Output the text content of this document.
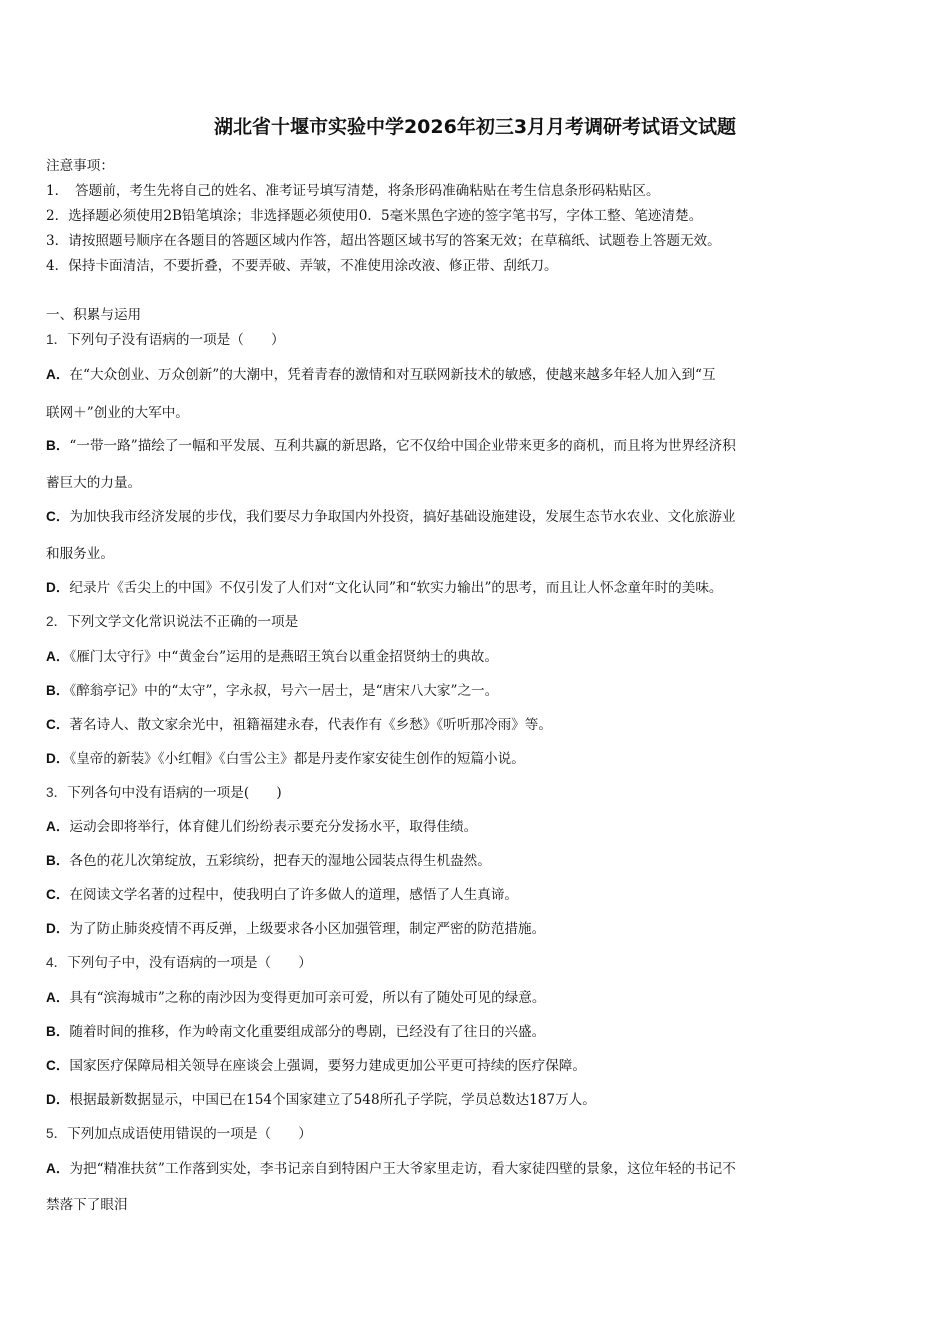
湖北省十堰市实验中学2026年初三3月月考调研考试语文试题
注意事项：
1．　答题前，考生先将自己的姓名、准考证号填写清楚，将条形码准确粘贴在考生信息条形码粘贴区。
2．选择题必须使用2B铅笔填涂；非选择题必须使用0．5毫米黑色字迹的签字笔书写，字体工整、笔迹清楚。
3．请按照题号顺序在各题目的答题区域内作答，超出答题区域书写的答案无效；在草稿纸、试题卷上答题无效。
4．保持卡面清洁，不要折叠，不要弄破、弄皱，不准使用涂改液、修正带、刮纸刀。
一、积累与运用
1．下列句子没有语病的一项是（　　）
A．在“大众创业、万众创新”的大潮中，凭着青春的激情和对互联网新技术的敏感，使越来越多年轻人加入到“互
联网＋”创业的大军中。
B．“一带一路”描绘了一幅和平发展、互利共赢的新思路，它不仅给中国企业带来更多的商机，而且将为世界经济积
蓄巨大的力量。
C．为加快我市经济发展的步伐，我们要尽力争取国内外投资，搞好基础设施建设，发展生态节水农业、文化旅游业
和服务业。
D．纪录片《舌尖上的中国》不仅引发了人们对“文化认同”和“软实力输出”的思考，而且让人怀念童年时的美味。
2．下列文学文化常识说法不正确的一项是
A．《雁门太守行》中“黄金台”运用的是燕昭王筑台以重金招贤纳士的典故。
B．《醉翁亭记》中的“太守”，字永叔，号六一居士，是“唐宋八大家”之一。
C．著名诗人、散文家余光中，祖籍福建永春，代表作有《乡愁》《听听那冷雨》等。
D．《皇帝的新装》《小红帽》《白雪公主》都是丹麦作家安徒生创作的短篇小说。
3．下列各句中没有语病的一项是(　　)
A．运动会即将举行，体育健儿们纷纷表示要充分发扬水平，取得佳绩。
B．各色的花儿次第绽放，五彩缤纷，把春天的湿地公园装点得生机盎然。
C．在阅读文学名著的过程中，使我明白了许多做人的道理，感悟了人生真谛。
D．为了防止肺炎疫情不再反弹，上级要求各小区加强管理，制定严密的防范措施。
4．下列句子中，没有语病的一项是（　　）
A．具有“滨海城市”之称的南沙因为变得更加可亲可爱，所以有了随处可见的绿意。
B．随着时间的推移，作为岭南文化重要组成部分的粤剧，已经没有了往日的兴盛。
C．国家医疗保障局相关领导在座谈会上强调，要努力建成更加公平更可持续的医疗保障。
D．根据最新数据显示，中国已在154个国家建立了548所孔子学院，学员总数达187万人。
5．下列加点成语使用错误的一项是（　　）
A．为把“精准扶贫”工作落到实处，李书记亲自到特困户王大爷家里走访，看大家徒四壁的景象，这位年轻的书记不
禁落下了眼泪
